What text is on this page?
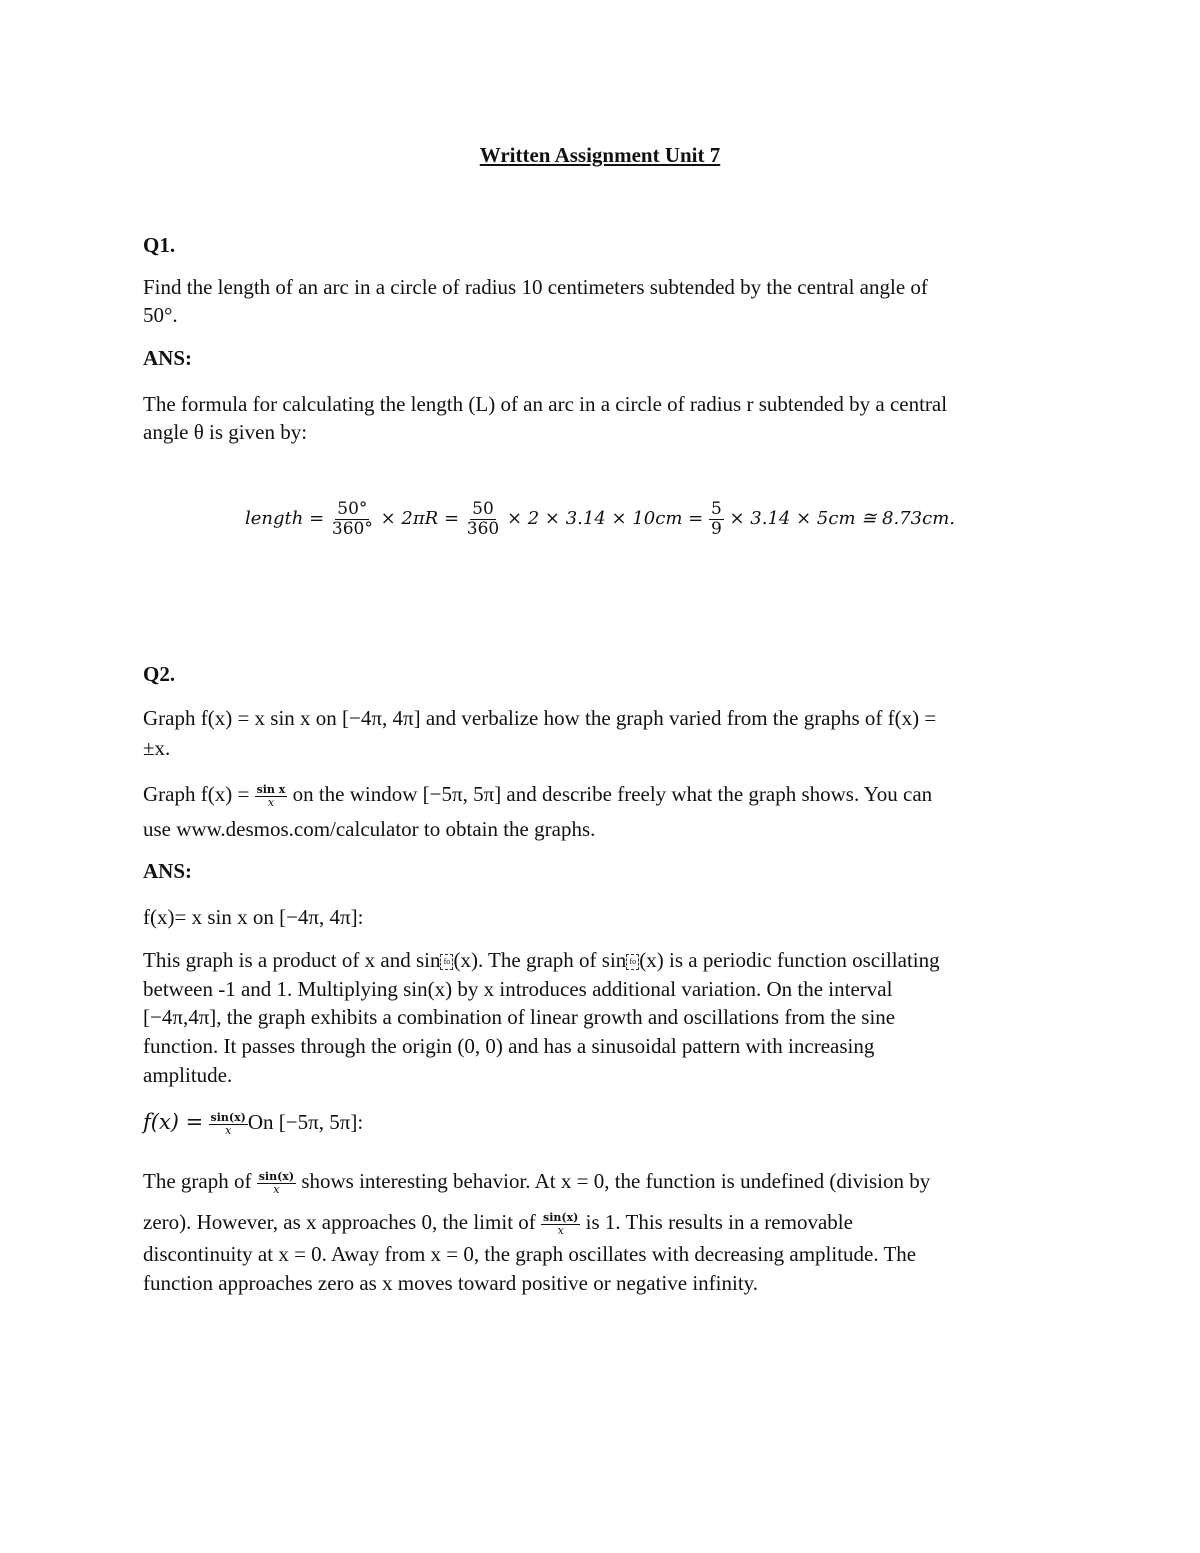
Written Assignment Unit 7
Q1.
Find the length of an arc in a circle of radius 10 centimeters subtended by the central angle of
50°.
ANS:
The formula for calculating the length (L) of an arc in a circle of radius r subtended by a central
angle θ is given by:
length = $\frac{50^\circ}{360^\circ} \times 2\pi R = \frac{50}{360} \times 2 \times 3.14 \times 10cm = \frac{5}{9} \times 3.14 \times 5cm$ ≅ 8.73cm.
Q2.
Graph f(x) = x sin x on [−4π, 4π] and verbalize how the graph varied from the graphs of f(x) =
±x.
Graph $f(x) = \frac{\text{sin x}}{x}$ on the window [−5π, 5π] and describe freely what the graph shows. You can
use www.desmos.com/calculator to obtain the graphs.
ANS:
f(x)= x sin x on [−4π, 4π]:
This graph is a product of x and sin fo (x). The graph of sin fo (x) is a periodic function oscillating
between -1 and 1. Multiplying sin(x) by x introduces additional variation. On the interval
[−4π,4π], the graph exhibits a combination of linear growth and oscillations from the sine
function. It passes through the origin (0, 0) and has a sinusoidal pattern with increasing
amplitude.
$f(x) = \frac{\sin(x)}{x}$ On [−5π, 5π]:
The graph of $\frac{\sin(x)}{x}$ shows interesting behavior. At x = 0, the function is undefined (division by
zero). However, as x approaches 0, the limit of $\frac{\sin(x)}{x}$ is 1. This results in a removable
discontinuity at x = 0. Away from x = 0, the graph oscillates with decreasing amplitude. The
function approaches zero as x moves toward positive or negative infinity.
